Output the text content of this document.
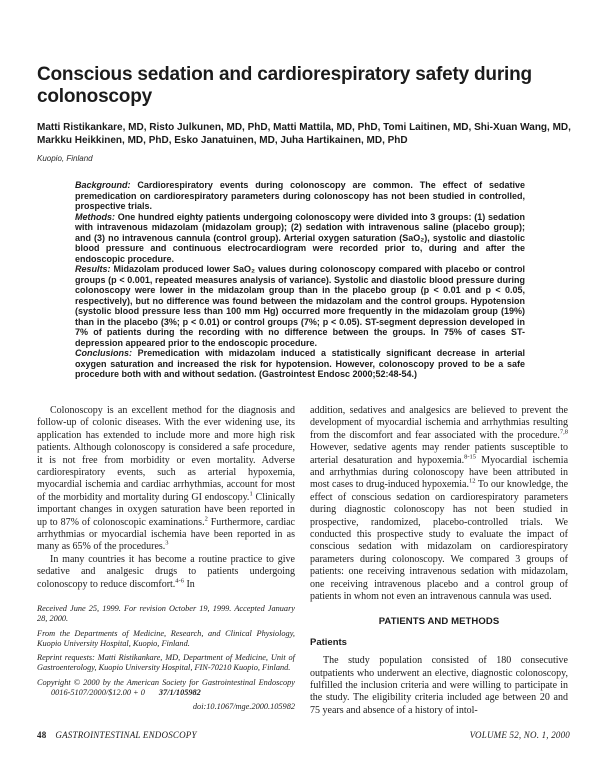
Conscious sedation and cardiorespiratory safety during colonoscopy

Matti Ristikankare, MD, Risto Julkunen, MD, PhD, Matti Mattila, MD, PhD, Tomi Laitinen, MD, Shi-Xuan Wang, MD, Markku Heikkinen, MD, PhD, Esko Janatuinen, MD, Juha Hartikainen, MD, PhD

Kuopio, Finland

Background: Cardiorespiratory events during colonoscopy are common. The effect of sedative premedication on cardiorespiratory parameters during colonoscopy has not been studied in controlled, prospective trials.

Methods: One hundred eighty patients undergoing colonoscopy were divided into 3 groups: (1) sedation with intravenous midazolam (midazolam group); (2) sedation with intravenous saline (placebo group); and (3) no intravenous cannula (control group). Arterial oxygen saturation (SaO₂), systolic and diastolic blood pressure and continuous electrocardiogram were recorded prior to, during and after the endoscopic procedure.

Results: Midazolam produced lower SaO₂ values during colonoscopy compared with placebo or control groups (p < 0.001, repeated measures analysis of variance). Systolic and diastolic blood pressure during colonoscopy were lower in the midazolam group than in the placebo group (p < 0.01 and p < 0.05, respectively), but no difference was found between the midazolam and the control groups. Hypotension (systolic blood pressure less than 100 mm Hg) occurred more frequently in the midazolam group (19%) than in the placebo (3%; p < 0.01) or control groups (7%; p < 0.05). ST-segment depression developed in 7% of patients during the recording with no difference between the groups. In 75% of cases ST-depression appeared prior to the endoscopic procedure.

Conclusions: Premedication with midazolam induced a statistically significant decrease in arterial oxygen saturation and increased the risk for hypotension. However, colonoscopy proved to be a safe procedure both with and without sedation. (Gastrointest Endosc 2000;52:48-54.)

Colonoscopy is an excellent method for the diagnosis and follow-up of colonic diseases. With the ever widening use, its application has extended to include more and more high risk patients. Although colonoscopy is considered a safe procedure, it is not free from morbidity or even mortality. Adverse cardiorespiratory events, such as arterial hypoxemia, myocardial ischemia and cardiac arrhythmias, account for most of the morbidity and mortality during GI endoscopy.$^1$ Clinically important changes in oxygen saturation have been reported in up to 87% of colonoscopic examinations.$^2$ Furthermore, cardiac arrhythmias or myocardial ischemia have been reported in as many as 65% of the procedures.$^3$

In many countries it has become a routine practice to give sedative and analgesic drugs to patients undergoing colonoscopy to reduce discomfort.$^{4-6}$ In

Received June 25, 1999. For revision October 19, 1999. Accepted January 28, 2000.

From the Departments of Medicine, Research, and Clinical Physiology, Kuopio University Hospital, Kuopio, Finland.

Reprint requests: Matti Ristikankare, MD, Department of Medicine, Unit of Gastroenterology, Kuopio University Hospital, FIN-70210 Kuopio, Finland.

Copyright © 2000 by the American Society for Gastrointestinal Endoscopy0016-5107/2000/$12.00 + 0 37/1/105982

doi:10.1067/mge.2000.105982

addition, sedatives and analgesics are believed to prevent the development of myocardial ischemia and arrhythmias resulting from the discomfort and fear associated with the procedure.$^{7,8}$ However, sedative agents may render patients susceptible to arterial desaturation and hypoxemia.$^{8-15}$ Myocardial ischemia and arrhythmias during colonoscopy have been attributed in most cases to drug-induced hypoxemia.$^{12}$ To our knowledge, the effect of conscious sedation on cardiorespiratory parameters during diagnostic colonoscopy has not been studied in prospective, randomized, placebo-controlled trials. We conducted this prospective study to evaluate the impact of conscious sedation with midazolam on cardiorespiratory parameters during colonoscopy. We compared 3 groups of patients: one receiving intravenous sedation with midazolam, one receiving intravenous placebo and a control group of patients in whom not even an intravenous cannula was used.

PATIENTS AND METHODS
Patients

The study population consisted of 180 consecutive outpatients who underwent an elective, diagnostic colonoscopy, fulfilled the inclusion criteria and were willing to participate in the study. The eligibility criteria included age between 20 and 75 years and absence of a history of intol-

48 GASTROINTESTINAL ENDOSCOPY	VOLUME 52, NO. 1, 2000
